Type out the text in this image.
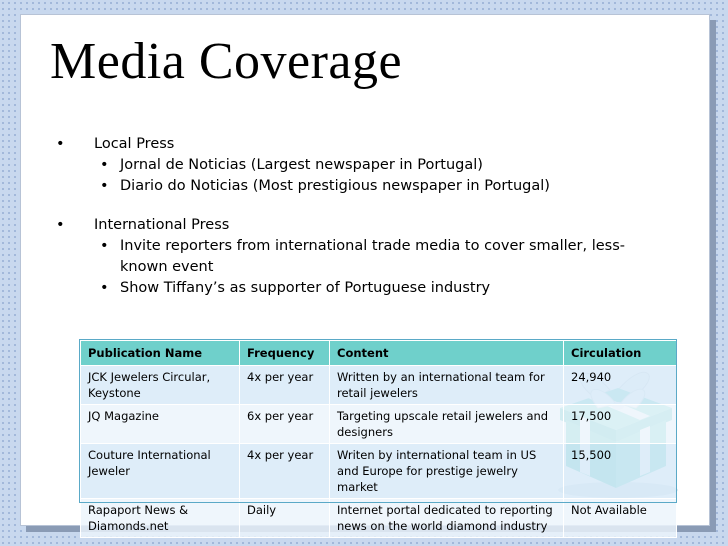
Media Coverage
• Local Press
• Jornal de Noticias (Largest newspaper in Portugal)
• Diario do Noticias (Most prestigious newspaper in Portugal)
• International Press
• Invite reporters from international trade media to cover smaller, less-known event
• Show Tiffany’s as supporter of Portuguese industry
Publication Name	Frequency	Content	Circulation
JCK Jewelers Circular, Keystone	4x per year	Written by an international team for retail jewelers	24,940
JQ Magazine	6x per year	Targeting upscale retail jewelers and designers	17,500
Couture International Jeweler	4x per year	Writen by international team in US and Europe for prestige jewelry market	15,500
Rapaport News & Diamonds.net	Daily	Internet portal dedicated to reporting news on the world diamond industry	Not Available
